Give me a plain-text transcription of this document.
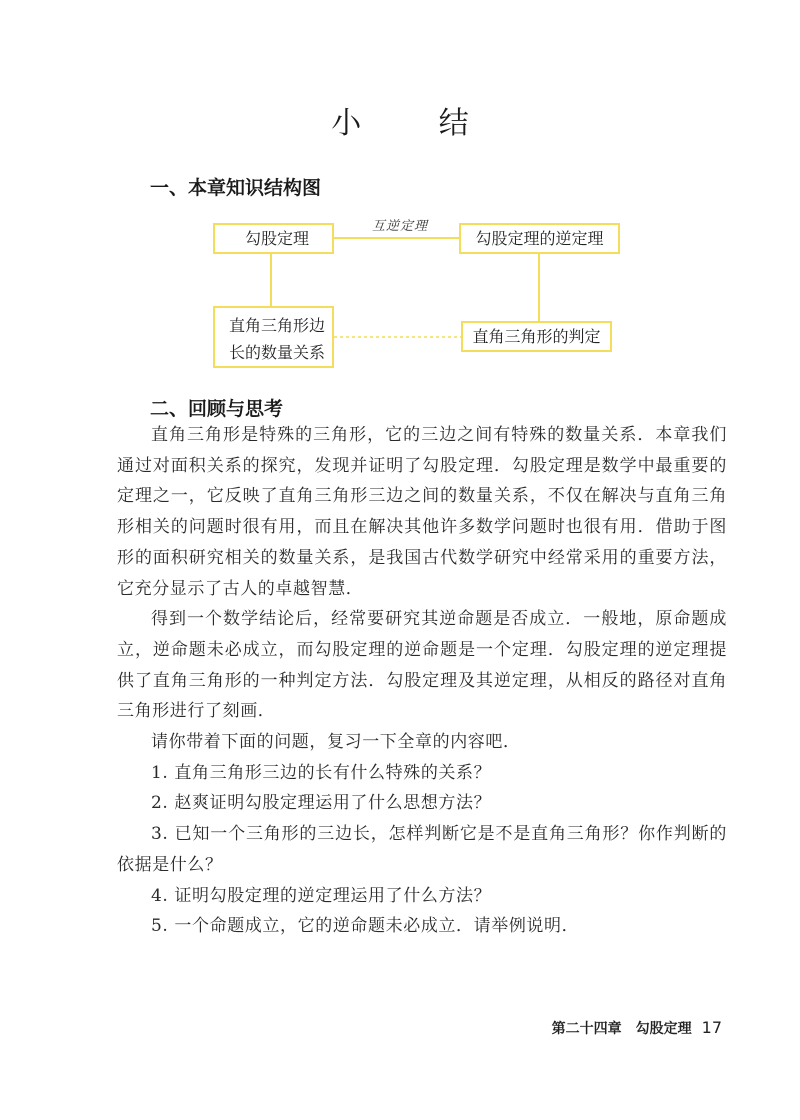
小 结
一、本章知识结构图
勾股定理	勾股定理的逆定理
直角三角形边
长的数量关系
直角三角形的判定
互逆定理
二、回顾与思考

直角三角形是特殊的三角形，它的三边之间有特殊的数量关系．本章我们通过对面积关系的探究，发现并证明了勾股定理．勾股定理是数学中最重要的定理之一，它反映了直角三角形三边之间的数量关系，不仅在解决与直角三角形相关的问题时很有用，而且在解决其他许多数学问题时也很有用．借助于图形的面积研究相关的数量关系，是我国古代数学研究中经常采用的重要方法，它充分显示了古人的卓越智慧．

得到一个数学结论后，经常要研究其逆命题是否成立．一般地，原命题成立，逆命题未必成立，而勾股定理的逆命题是一个定理．勾股定理的逆定理提供了直角三角形的一种判定方法．勾股定理及其逆定理，从相反的路径对直角三角形进行了刻画．

请你带着下面的问题，复习一下全章的内容吧．

1. 直角三角形三边的长有什么特殊的关系？

2. 赵爽证明勾股定理运用了什么思想方法？

3. 已知一个三角形的三边长，怎样判断它是不是直角三角形？你作判断的依据是什么？

4. 证明勾股定理的逆定理运用了什么方法？

5. 一个命题成立，它的逆命题未必成立．请举例说明．

第二十四章 勾股定理 17
